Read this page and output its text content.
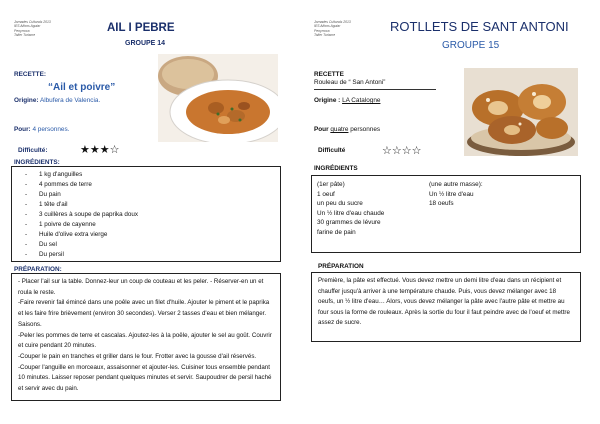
Jornades Culturals 2013
IES Alfons Aguiar
Penyrroca
Taller Turisme
AIL I PEBRE
GROUPE 14
RECETTE:
“Ail et poivre”
Origine: Albufera de Valencia.
Pour: 4 personnes.
Difficulté:	★★★☆
INGRÉDIENTS:
- 1 kg d'anguilles
- 4 pommes de terre
- Du pain
- 1 tête d'ail
- 3 cuillères à soupe de paprika doux
- 1 poivre de cayenne
- Huile d'olive extra vierge
- Du sel
- Du persil
PRÉPARATION:

- Placer l'ail sur la table. Donnez-leur un coup de couteau et les peler. - Réserver-en un et roula le reste.

-Faire revenir fail émincé dans une poêle avec un filet d'huile. Ajouter le piment et le paprika et les faire frire brièvement (environ 30 secondes). Verser 2 tasses d'eau et bien mélanger. Saisons.

-Peler les pommes de terre et cascalas. Ajoutez-les à la poêle, ajouter le sel au goût. Couvrir et cuire pendant 20 minutes.

-Couper le pain en tranches et griller dans le four. Frotter avec la gousse d'ail réservés.

-Couper l'anguille en morceaux, assaisonner et ajouter-les. Cuisiner tous ensemble pendant 10 minutes. Laisser reposer pendant quelques minutes et servir. Saupoudrer de persil haché et servir avec du pain.

Jornades Culturals 2013
IES Alfons Aguiar
Penyrroca
Taller Turisme
ROTLLETS DE SANT ANTONI
GROUPE 15
RECETTE
Rouleau de “ San Antoni”
Origine : LA Catalogne
Pour quatre personnes
Difficulté	☆☆☆☆
INGRÉDIENTS
(1er pâte)
1 oeuf
un peu du sucre
Un ½ litre d'eau chaude
30 grammes de lévure
farine de pain
(une autre masse):
Un ½ litre d'eau
18 oeufs
PRÉPARATION

Première, la pâte est effectué. Vous devez mettre un demi litre d'eau dans un récipient et chauffer jusqu'à arriver à une température chaude. Puis, vous devez mélanger avec 18 oeufs, un ½ litre d'eau… Alors, vous devez mélanger la pâte avec l'autre pâte et mettre au four sous la forme de rouleaux. Après la sortie du four il faut peindre avec de l'oeuf et mettre assez de sucre.
